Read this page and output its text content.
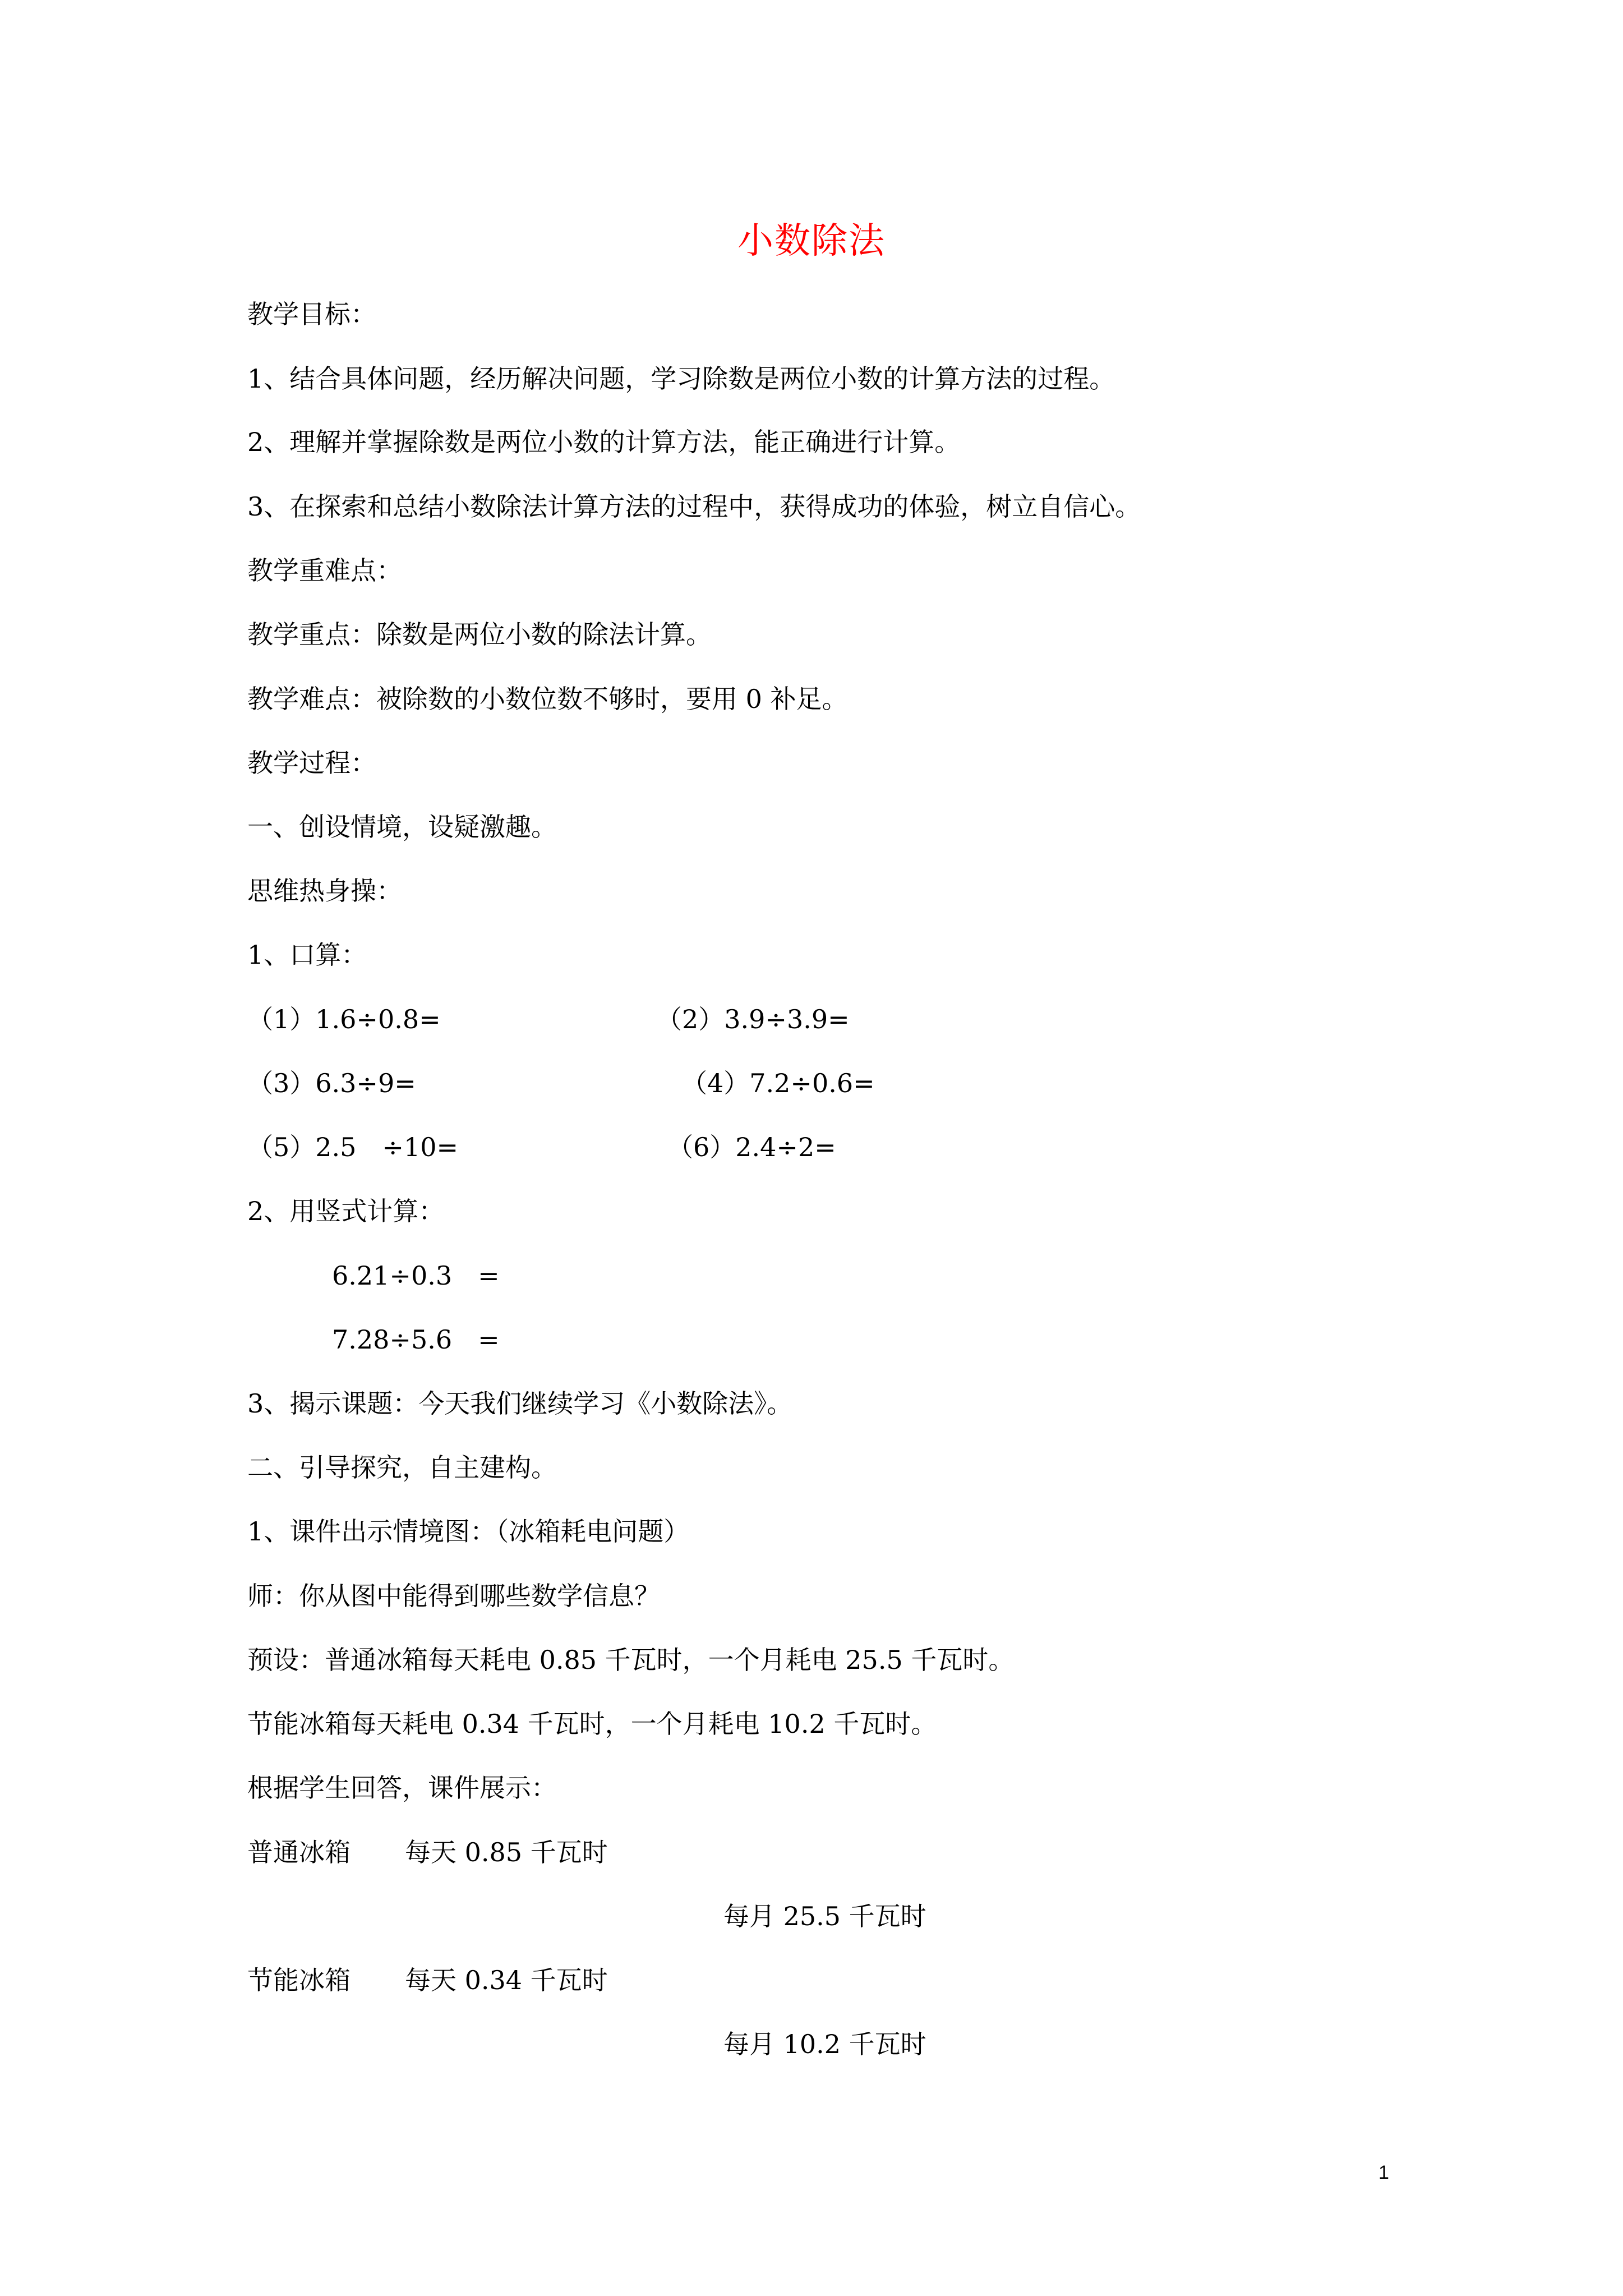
小数除法
教学目标：
1、结合具体问题，经历解决问题，学习除数是两位小数的计算方法的过程。
2、理解并掌握除数是两位小数的计算方法，能正确进行计算。
3、在探索和总结小数除法计算方法的过程中，获得成功的体验，树立自信心。
教学重难点：
教学重点：除数是两位小数的除法计算。
教学难点：被除数的小数位数不够时，要用 0 补足。
教学过程：
一、创设情境，设疑激趣。
思维热身操：
1、口算：
（1）1.6÷0.8=	（2）3.9÷3.9=
（3）6.3÷9=	（4）7.2÷0.6=
（5）2.5　÷10=	（6）2.4÷2=
2、用竖式计算：
6.21÷0.3　=
7.28÷5.6　=
3、揭示课题：今天我们继续学习《小数除法》。
二、引导探究，自主建构。
1、课件出示情境图：（冰箱耗电问题）
师：你从图中能得到哪些数学信息？
预设：普通冰箱每天耗电 0.85 千瓦时，一个月耗电 25.5 千瓦时。
节能冰箱每天耗电 0.34 千瓦时，一个月耗电 10.2 千瓦时。
根据学生回答，课件展示：
普通冰箱 每天 0.85 千瓦时
每月 25.5 千瓦时
节能冰箱 每天 0.34 千瓦时
每月 10.2 千瓦时
1
